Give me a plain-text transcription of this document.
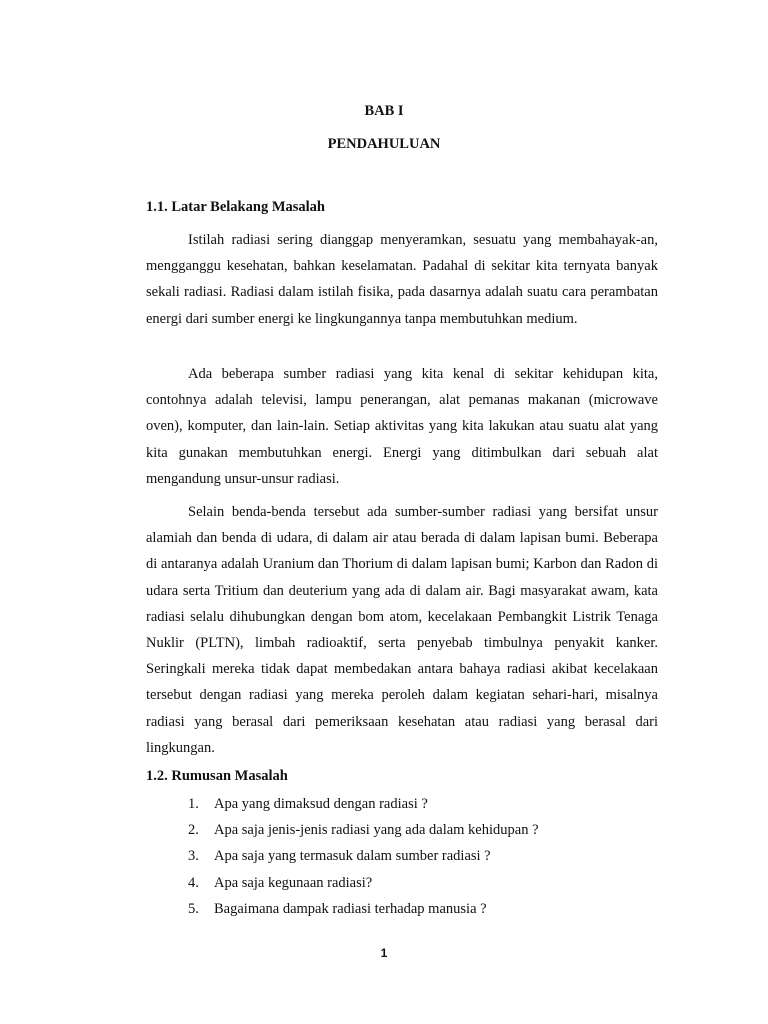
BAB I
PENDAHULUAN
1.1. Latar Belakang Masalah

Istilah radiasi sering dianggap menyeramkan, sesuatu yang membahayak-an, mengganggu kesehatan, bahkan keselamatan. Padahal di sekitar kita ternyata banyak sekali radiasi. Radiasi dalam istilah fisika, pada dasarnya adalah suatu cara perambatan energi dari sumber energi ke lingkungannya tanpa membutuhkan medium.

Ada beberapa sumber radiasi yang kita kenal di sekitar kehidupan kita, contohnya adalah televisi, lampu penerangan, alat pemanas makanan (microwave oven), komputer, dan lain-lain. Setiap aktivitas yang kita lakukan atau suatu alat yang kita gunakan membutuhkan energi. Energi yang ditimbulkan dari sebuah alat mengandung unsur-unsur radiasi.

Selain benda-benda tersebut ada sumber-sumber radiasi yang bersifat unsur alamiah dan benda di udara, di dalam air atau berada di dalam lapisan bumi. Beberapa di antaranya adalah Uranium dan Thorium di dalam lapisan bumi; Karbon dan Radon di udara serta Tritium dan deuterium yang ada di dalam air. Bagi masyarakat awam, kata radiasi selalu dihubungkan dengan bom atom, kecelakaan Pembangkit Listrik Tenaga Nuklir (PLTN), limbah radioaktif, serta penyebab timbulnya penyakit kanker. Seringkali mereka tidak dapat membedakan antara bahaya radiasi akibat kecelakaan tersebut dengan radiasi yang mereka peroleh dalam kegiatan sehari-hari, misalnya radiasi yang berasal dari pemeriksaan kesehatan atau radiasi yang berasal dari lingkungan.

1.2. Rumusan Masalah
1. Apa yang dimaksud dengan radiasi ?
2. Apa saja jenis-jenis radiasi yang ada dalam kehidupan ?
3. Apa saja yang termasuk dalam sumber radiasi ?
4. Apa saja kegunaan radiasi?
5. Bagaimana dampak radiasi terhadap manusia ?
1
